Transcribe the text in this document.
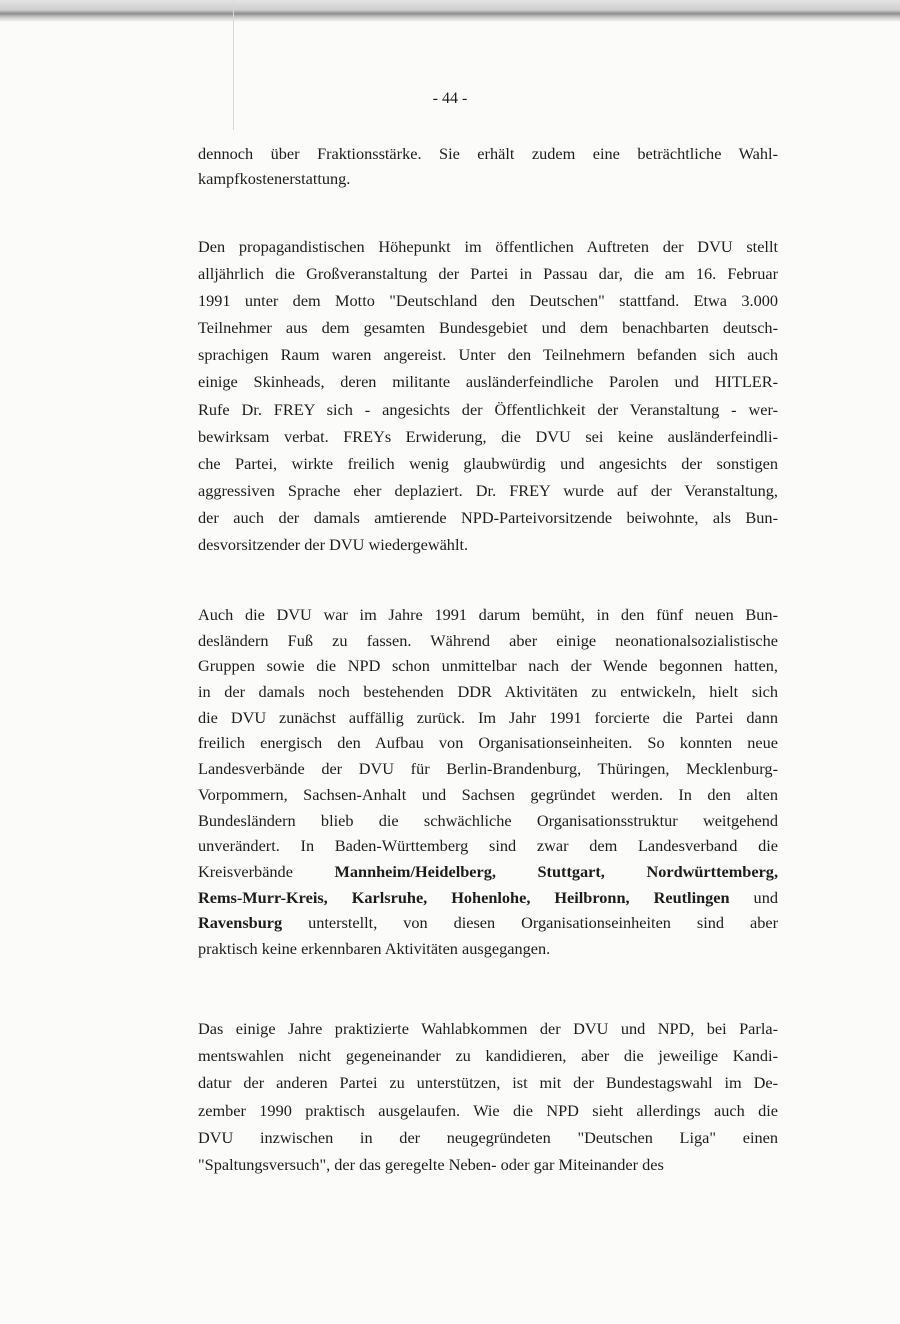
- 44 -
dennoch über Fraktionsstärke. Sie erhält zudem eine beträchtliche Wahl-
kampfkostenerstattung.
Den propagandistischen Höhepunkt im öffentlichen Auftreten der DVU stellt
alljährlich die Großveranstaltung der Partei in Passau dar, die am 16. Februar
1991 unter dem Motto "Deutschland den Deutschen" stattfand. Etwa 3.000
Teilnehmer aus dem gesamten Bundesgebiet und dem benachbarten deutsch-
sprachigen Raum waren angereist. Unter den Teilnehmern befanden sich auch
einige Skinheads, deren militante ausländerfeindliche Parolen und HITLER-
Rufe Dr. FREY sich - angesichts der Öffentlichkeit der Veranstaltung - wer-
bewirksam verbat. FREYs Erwiderung, die DVU sei keine ausländerfeindli-
che Partei, wirkte freilich wenig glaubwürdig und angesichts der sonstigen
aggressiven Sprache eher deplaziert. Dr. FREY wurde auf der Veranstaltung,
der auch der damals amtierende NPD-Parteivorsitzende beiwohnte, als Bun-
desvorsitzender der DVU wiedergewählt.
Auch die DVU war im Jahre 1991 darum bemüht, in den fünf neuen Bun-
desländern Fuß zu fassen. Während aber einige neonationalsozialistische
Gruppen sowie die NPD schon unmittelbar nach der Wende begonnen hatten,
in der damals noch bestehenden DDR Aktivitäten zu entwickeln, hielt sich
die DVU zunächst auffällig zurück. Im Jahr 1991 forcierte die Partei dann
freilich energisch den Aufbau von Organisationseinheiten. So konnten neue
Landesverbände der DVU für Berlin-Brandenburg, Thüringen, Mecklenburg-
Vorpommern, Sachsen-Anhalt und Sachsen gegründet werden. In den alten
Bundesländern blieb die schwächliche Organisationsstruktur weitgehend
unverändert. In Baden-Württemberg sind zwar dem Landesverband die
Kreisverbände Mannheim/Heidelberg, Stuttgart, Nordwürttemberg,
Rems-Murr-Kreis, Karlsruhe, Hohenlohe, Heilbronn, Reutlingen und
Ravensburg unterstellt, von diesen Organisationseinheiten sind aber
praktisch keine erkennbaren Aktivitäten ausgegangen.
Das einige Jahre praktizierte Wahlabkommen der DVU und NPD, bei Parla-
mentswahlen nicht gegeneinander zu kandidieren, aber die jeweilige Kandi-
datur der anderen Partei zu unterstützen, ist mit der Bundestagswahl im De-
zember 1990 praktisch ausgelaufen. Wie die NPD sieht allerdings auch die
DVU inzwischen in der neugegründeten "Deutschen Liga" einen
"Spaltungsversuch", der das geregelte Neben- oder gar Miteinander des
